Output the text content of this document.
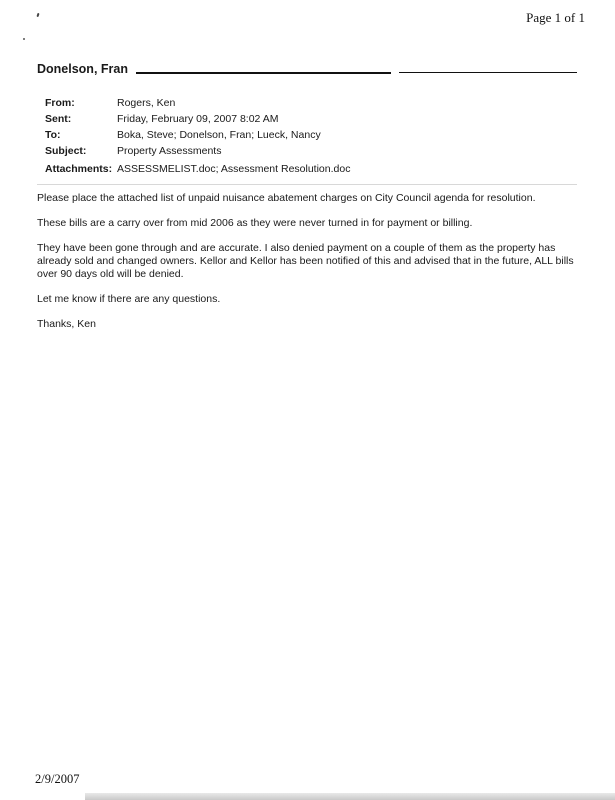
Page 1 of 1
Donelson, Fran
From:	Rogers, Ken
Sent:	Friday, February 09, 2007 8:02 AM
To:	Boka, Steve; Donelson, Fran; Lueck, Nancy
Subject:	Property Assessments
Attachments: ASSESSMELIST.doc; Assessment Resolution.doc

Please place the attached list of unpaid nuisance abatement charges on City Council agenda for resolution.

These bills are a carry over from mid 2006 as they were never turned in for payment or billing.

They have been gone through and are accurate. I also denied payment on a couple of them as the property has already sold and changed owners. Kellor and Kellor has been notified of this and advised that in the future, ALL bills over 90 days old will be denied.

Let me know if there are any questions.

Thanks, Ken

2/9/2007
